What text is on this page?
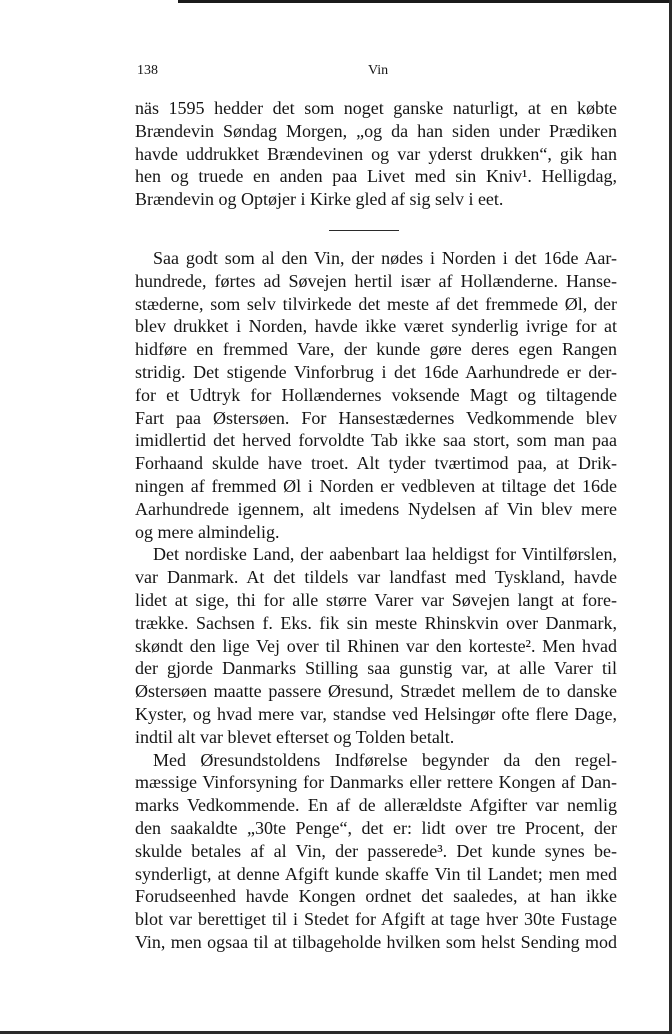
138	Vin
näs 1595 hedder det som noget ganske naturligt, at en købte
Brændevin Søndag Morgen, „og da han siden under Prædiken
havde uddrukket Brændevinen og var yderst drukken“, gik han
hen og truede en anden paa Livet med sin Kniv¹. Helligdag,
Brændevin og Optøjer i Kirke gled af sig selv i eet.
Saa godt som al den Vin, der nødes i Norden i det 16de Aar-
hundrede, førtes ad Søvejen hertil især af Hollænderne. Hanse-
stæderne, som selv tilvirkede det meste af det fremmede Øl, der
blev drukket i Norden, havde ikke været synderlig ivrige for at
hidføre en fremmed Vare, der kunde gøre deres egen Rangen
stridig. Det stigende Vinforbrug i det 16de Aarhundrede er der-
for et Udtryk for Hollændernes voksende Magt og tiltagende
Fart paa Østersøen. For Hansestædernes Vedkommende blev
imidlertid det herved forvoldte Tab ikke saa stort, som man paa
Forhaand skulde have troet. Alt tyder tværtimod paa, at Drik-
ningen af fremmed Øl i Norden er vedbleven at tiltage det 16de
Aarhundrede igennem, alt imedens Nydelsen af Vin blev mere
og mere almindelig.
Det nordiske Land, der aabenbart laa heldigst for Vintilførslen,
var Danmark. At det tildels var landfast med Tyskland, havde
lidet at sige, thi for alle større Varer var Søvejen langt at fore-
trække. Sachsen f. Eks. fik sin meste Rhinskvin over Danmark,
skøndt den lige Vej over til Rhinen var den korteste². Men hvad
der gjorde Danmarks Stilling saa gunstig var, at alle Varer til
Østersøen maatte passere Øresund, Strædet mellem de to danske
Kyster, og hvad mere var, standse ved Helsingør ofte flere Dage,
indtil alt var blevet efterset og Tolden betalt.
Med Øresundstoldens Indførelse begynder da den regel-
mæssige Vinforsyning for Danmarks eller rettere Kongen af Dan-
marks Vedkommende. En af de allerældste Afgifter var nemlig
den saakaldte „30te Penge“, det er: lidt over tre Procent, der
skulde betales af al Vin, der passerede³. Det kunde synes be-
synderligt, at denne Afgift kunde skaffe Vin til Landet; men med
Forudseenhed havde Kongen ordnet det saaledes, at han ikke
blot var berettiget til i Stedet for Afgift at tage hver 30te Fustage
Vin, men ogsaa til at tilbageholde hvilken som helst Sending mod
